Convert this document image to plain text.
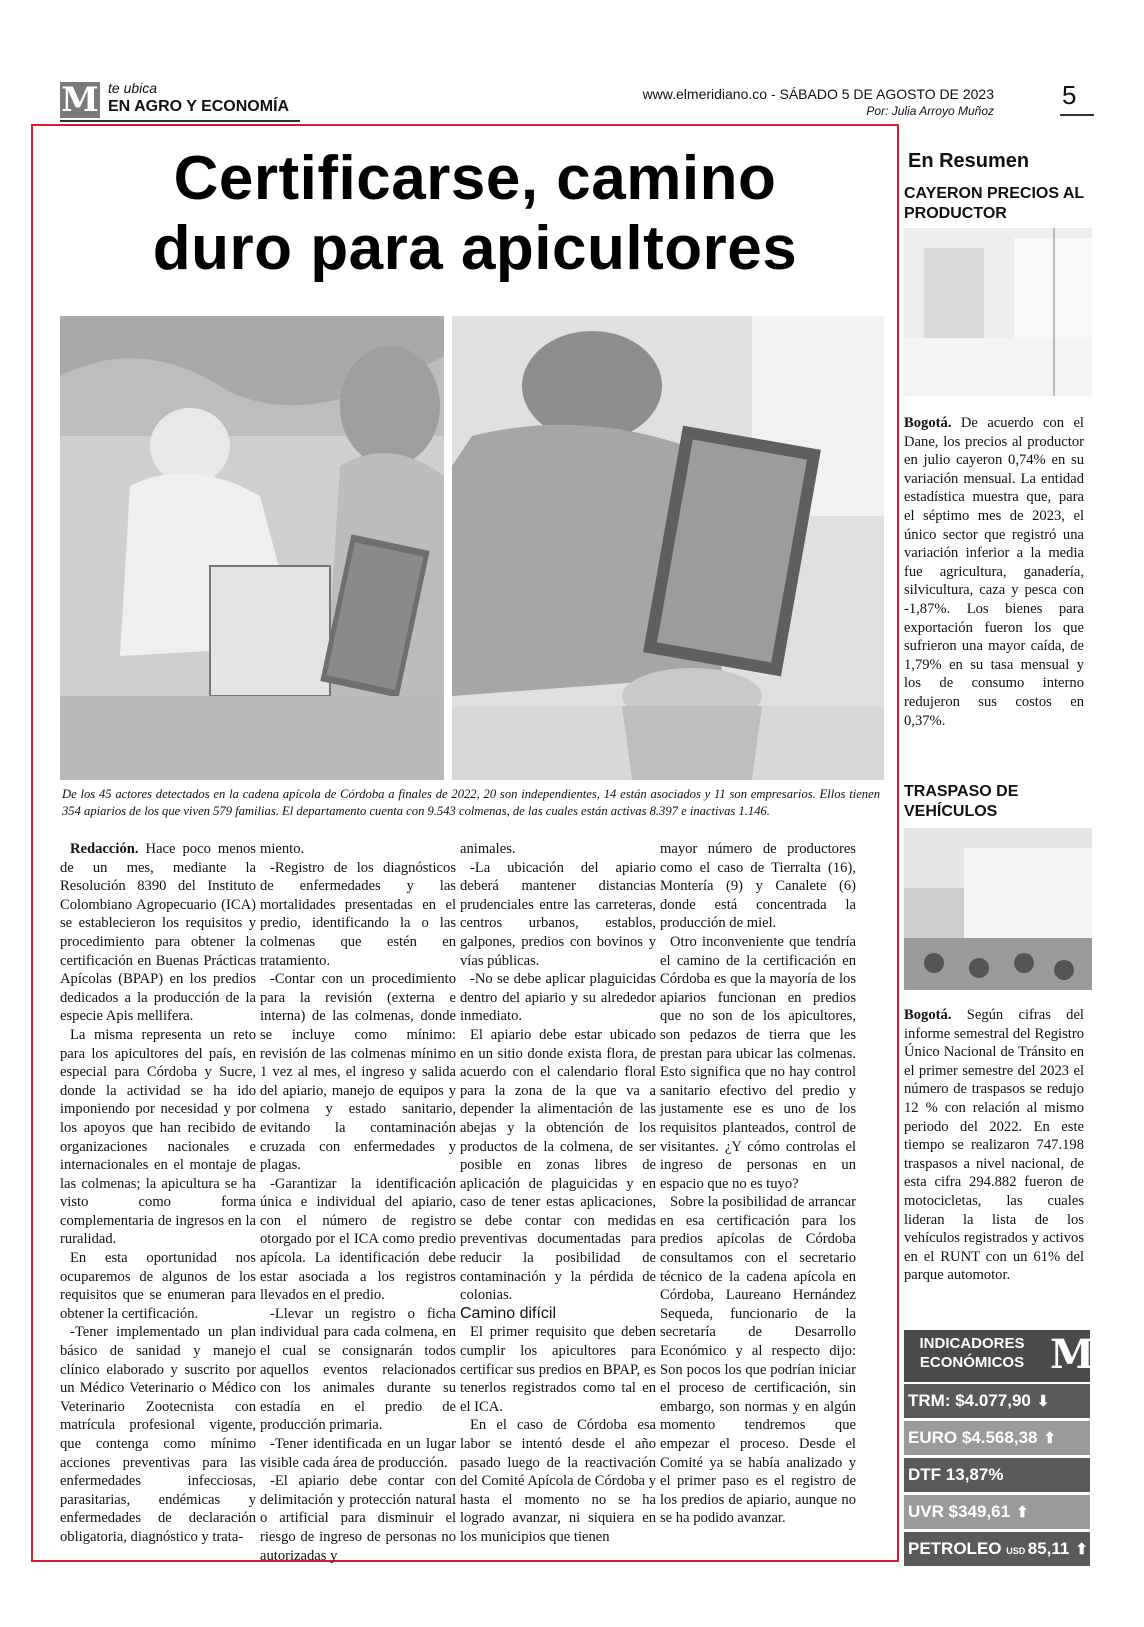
M te ubica
EN AGRO Y ECONOMÍA
www.elmeridiano.co - SÁBADO 5 DE AGOSTO DE 2023
Por: Julia Arroyo Muñoz
5
Certificarse, camino
duro para apicultores
De los 45 actores detectados en la cadena apícola de Córdoba a finales de 2022, 20 son independientes, 14 están asociados y 11 son empresarios. Ellos tienen 354 apiarios de los que viven 579 familias. El departamento cuenta con 9.543 colmenas, de las cuales están activas 8.397 e inactivas 1.146.

Redacción. Hace poco menos de un mes, mediante la Resolución 8390 del Instituto Colombiano Agropecuario (ICA) se establecieron los requisitos y procedimiento para obtener la certificación en Buenas Prácticas Apícolas (BPAP) en los predios dedicados a la producción de la especie Apis mellifera.

La misma representa un reto para los apicultores del país, en especial para Córdoba y Sucre, donde la actividad se ha ido imponiendo por necesidad y por los apoyos que han recibido de organizaciones nacionales e internacionales en el montaje de las colmenas; la apicultura se ha visto como forma complementaria de ingresos en la ruralidad.

En esta oportunidad nos ocuparemos de algunos de los requisitos que se enumeran para obtener la certificación.

-Tener implementado un plan básico de sanidad y manejo clínico elaborado y suscrito por un Médico Veterinario o Médico Veterinario Zootecnista con matrícula profesional vigente, que contenga como mínimo acciones preventivas para las enfermedades infecciosas, parasitarias, endémicas y enfermedades de declaración obligatoria, diagnóstico y trata-

miento.

-Registro de los diagnósticos de enfermedades y las mortalidades presentadas en el predio, identificando la o las colmenas que estén en tratamiento.

-Contar con un procedimiento para la revisión (externa e interna) de las colmenas, donde se incluye como mínimo: revisión de las colmenas mínimo 1 vez al mes, el ingreso y salida del apiario, manejo de equipos y colmena y estado sanitario, evitando la contaminación cruzada con enfermedades y plagas.

-Garantizar la identificación única e individual del apiario, con el número de registro otorgado por el ICA como predio apícola. La identificación debe estar asociada a los registros llevados en el predio.

-Llevar un registro o ficha individual para cada colmena, en el cual se consignarán todos aquellos eventos relacionados con los animales durante su estadía en el predio de producción primaria.

-Tener identificada en un lugar visible cada área de producción.

-El apiario debe contar con delimitación y protección natural o artificial para disminuir el riesgo de ingreso de personas no autorizadas y

animales.

-La ubicación del apiario deberá mantener distancias prudenciales entre las carreteras, centros urbanos, establos, galpones, predios con bovinos y vías públicas.

-No se debe aplicar plaguicidas dentro del apiario y su alrededor inmediato.

El apiario debe estar ubicado en un sitio donde exista flora, de acuerdo con el calendario floral para la zona de la que va a depender la alimentación de las abejas y la obtención de los productos de la colmena, de ser posible en zonas libres de aplicación de plaguicidas y en caso de tener estas aplicaciones, se debe contar con medidas preventivas documentadas para reducir la posibilidad de contaminación y la pérdida de colonias.

Camino difícil

El primer requisito que deben cumplir los apicultores para certificar sus predios en BPAP, es tenerlos registrados como tal en el ICA.

En el caso de Córdoba esa labor se intentó desde el año pasado luego de la reactivación del Comité Apícola de Córdoba y hasta el momento no se ha logrado avanzar, ni siquiera en los municipios que tienen

mayor número de productores como el caso de Tierralta (16), Montería (9) y Canalete (6) donde está concentrada la producción de miel.

Otro inconveniente que tendría el camino de la certificación en Córdoba es que la mayoría de los apiarios funcionan en predios que no son de los apicultores, son pedazos de tierra que les prestan para ubicar las colmenas. Esto significa que no hay control sanitario efectivo del predio y justamente ese es uno de los requisitos planteados, control de visitantes. ¿Y cómo controlas el ingreso de personas en un espacio que no es tuyo?

Sobre la posibilidad de arrancar en esa certificación para los predios apícolas de Córdoba consultamos con el secretario técnico de la cadena apícola en Córdoba, Laureano Hernández Sequeda, funcionario de la secretaría de Desarrollo Económico y al respecto dijo: Son pocos los que podrían iniciar el proceso de certificación, sin embargo, son normas y en algún momento tendremos que empezar el proceso. Desde el Comité ya se había analizado y el primer paso es el registro de los predios de apiario, aunque no se ha podido avanzar.

En Resumen
CAYERON PRECIOS AL PRODUCTOR
Bogotá. De acuerdo con el Dane, los precios al productor en julio cayeron 0,74% en su variación mensual. La entidad estadística muestra que, para el séptimo mes de 2023, el único sector que registró una variación inferior a la media fue agricultura, ganadería, silvicultura, caza y pesca con -1,87%. Los bienes para exportación fueron los que sufrieron una mayor caída, de 1,79% en su tasa mensual y los de consumo interno redujeron sus costos en 0,37%.
TRASPASO DE VEHÍCULOS
Bogotá. Según cifras del informe semestral del Registro Único Nacional de Tránsito en el primer semestre del 2023 el número de traspasos se redujo 12 % con relación al mismo periodo del 2022. En este tiempo se realizaron 747.198 traspasos a nivel nacional, de esta cifra 294.882 fueron de motocicletas, las cuales lideran la lista de los vehículos registrados y activos en el RUNT con un 61% del parque automotor.
INDICADORES ECONÓMICOS M
TRM: $4.077,90 ⬇
EURO $4.568,38 ⬆
DTF 13,87%
UVR $349,61 ⬆
PETROLEO USD 85,11 ⬆
